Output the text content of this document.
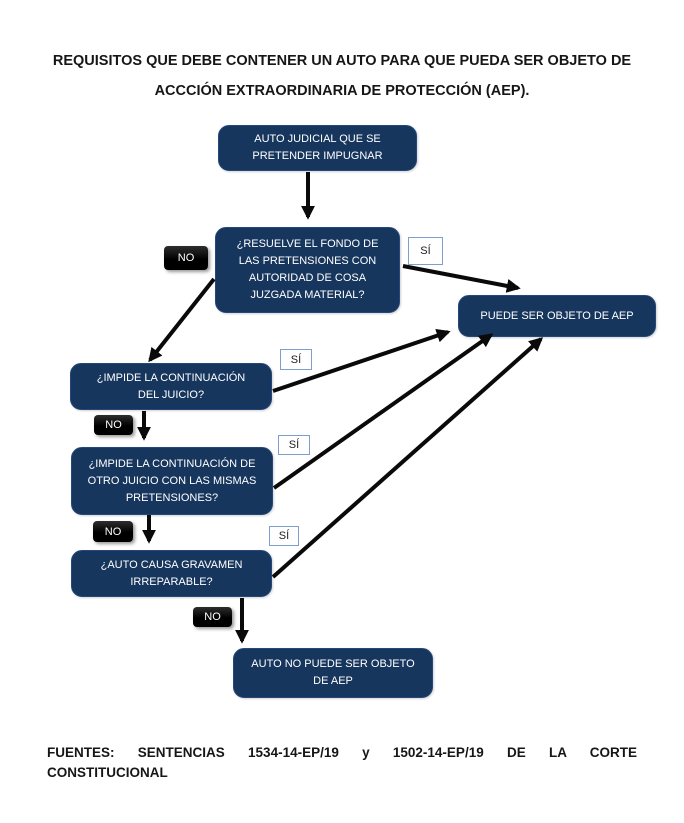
REQUISITOS QUE DEBE CONTENER UN AUTO PARA QUE PUEDA SER OBJETO DE
ACCCIÓN EXTRAORDINARIA DE PROTECCIÓN (AEP).
AUTO JUDICIAL QUE SE PRETENDER IMPUGNAR
¿RESUELVE EL FONDO DE LAS PRETENSIONES CON AUTORIDAD DE COSA JUZGADA MATERIAL?
PUEDE SER OBJETO DE AEP
¿IMPIDE LA CONTINUACIÓN DEL JUICIO?
¿IMPIDE LA CONTINUACIÓN DE OTRO JUICIO CON LAS MISMAS PRETENSIONES?
¿AUTO CAUSA GRAVAMEN IRREPARABLE?
AUTO NO PUEDE SER OBJETO DE AEP
NO
SÍ
SÍ
NO
SÍ
NO	SÍ
NO
FUENTES: SENTENCIAS 1534-14-EP/19 y 1502-14-EP/19 DE LA CORTE
CONSTITUCIONAL
